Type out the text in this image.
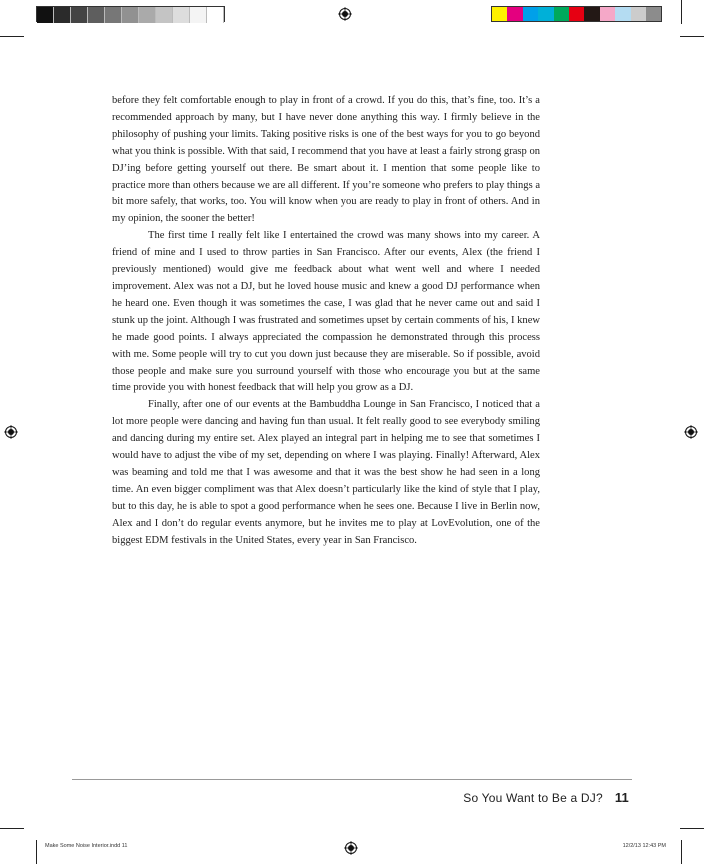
before they felt comfortable enough to play in front of a crowd. If you do this, that’s fine, too. It’s a recommended approach by many, but I have never done anything this way. I firmly believe in the philosophy of pushing your limits. Taking positive risks is one of the best ways for you to go beyond what you think is possible. With that said, I recommend that you have at least a fairly strong grasp on DJ’ing before getting yourself out there. Be smart about it. I mention that some people like to practice more than others because we are all different. If you’re someone who prefers to play things a bit more safely, that works, too. You will know when you are ready to play in front of others. And in my opinion, the sooner the better!

The first time I really felt like I entertained the crowd was many shows into my career. A friend of mine and I used to throw parties in San Francisco. After our events, Alex (the friend I previously mentioned) would give me feedback about what went well and where I needed improvement. Alex was not a DJ, but he loved house music and knew a good DJ performance when he heard one. Even though it was sometimes the case, I was glad that he never came out and said I stunk up the joint. Although I was frustrated and sometimes upset by certain comments of his, I knew he made good points. I always appreciated the compassion he demonstrated through this process with me. Some people will try to cut you down just because they are miserable. So if possible, avoid those people and make sure you surround yourself with those who encourage you but at the same time provide you with honest feedback that will help you grow as a DJ.

Finally, after one of our events at the Bambuddha Lounge in San Francisco, I noticed that a lot more people were dancing and having fun than usual. It felt really good to see everybody smiling and dancing during my entire set. Alex played an integral part in helping me to see that sometimes I would have to adjust the vibe of my set, depending on where I was playing. Finally! Afterward, Alex was beaming and told me that I was awesome and that it was the best show he had seen in a long time. An even bigger compliment was that Alex doesn’t particularly like the kind of style that I play, but to this day, he is able to spot a good performance when he sees one. Because I live in Berlin now, Alex and I don’t do regular events anymore, but he invites me to play at LovEvolution, one of the biggest EDM festivals in the United States, every year in San Francisco.

So You Want to Be a DJ? 11
Make Some Noise Interior.indd 11	12/2/13 12:43 PM
